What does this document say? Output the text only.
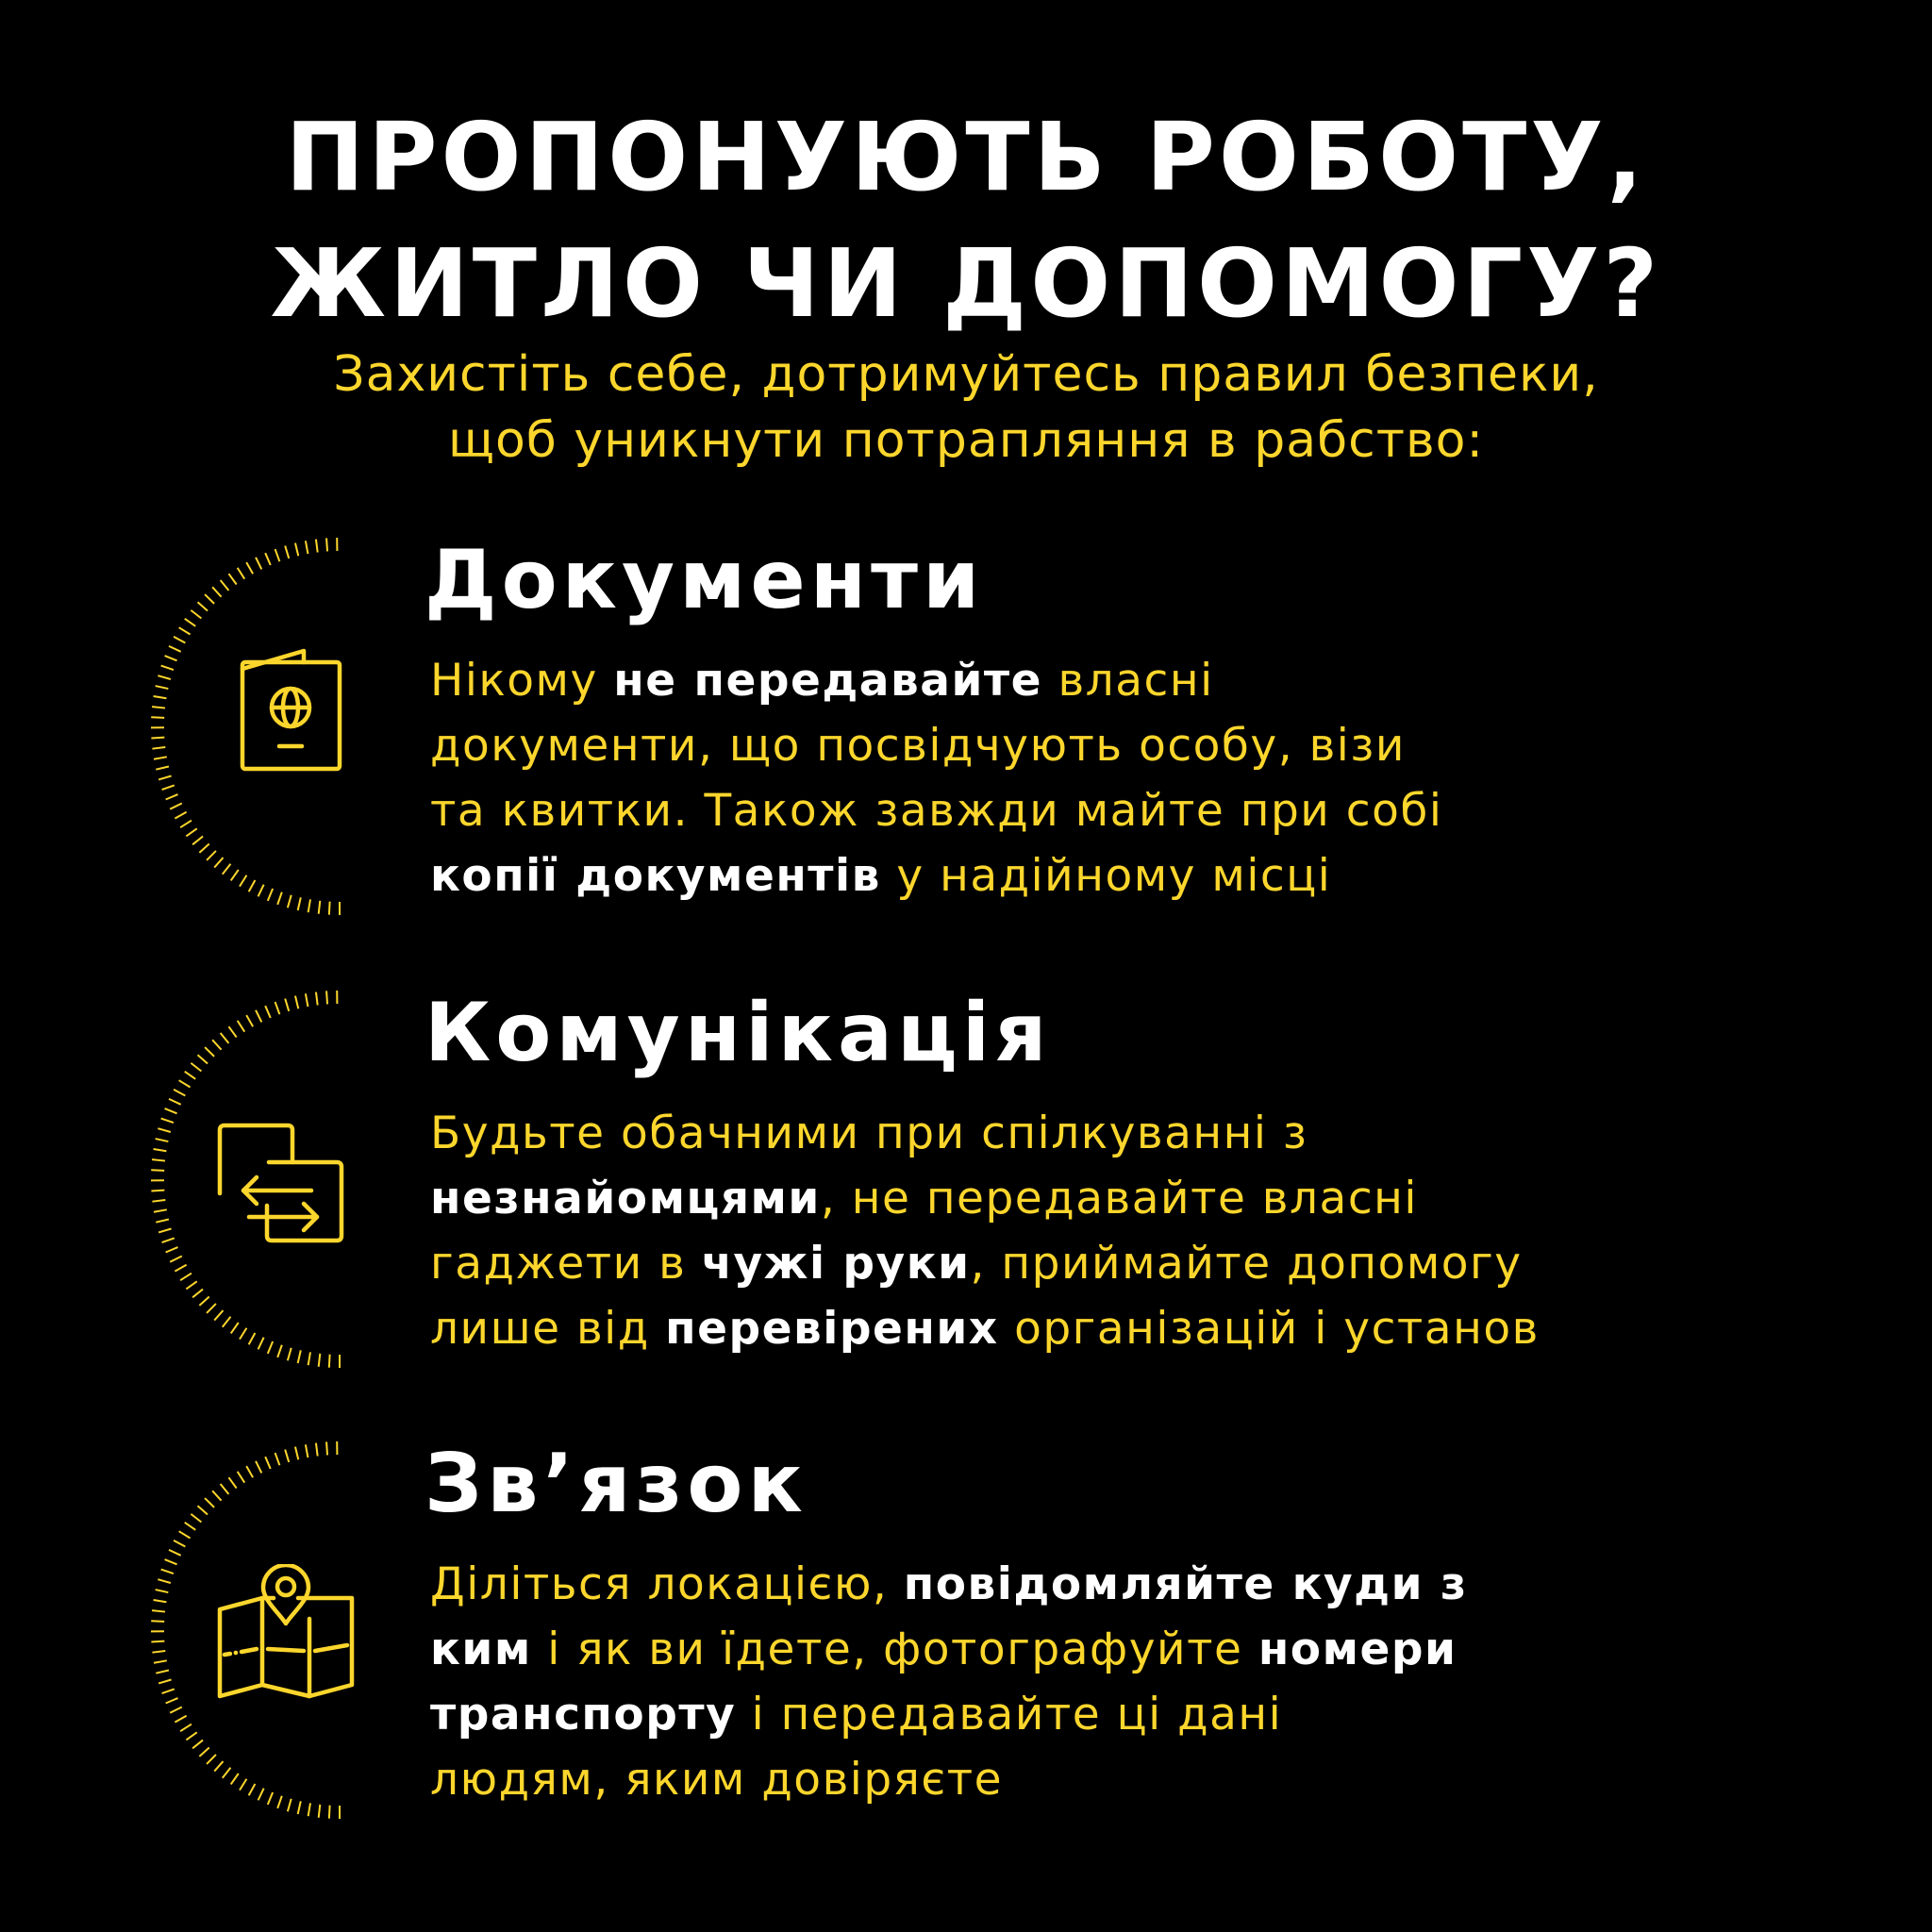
ПРОПОНУЮТЬ РОБОТУ,
ЖИТЛО ЧИ ДОПОМОГУ?
Захистіть себе, дотримуйтесь правил безпеки,
щоб уникнути потрапляння в рабство:
Документи
Нікому не передавайте власні
документи, що посвідчують особу, візи
та квитки. Також завжди майте при собі
копії документів у надійному місці
Комунікація
Будьте обачними при спілкуванні з
незнайомцями, не передавайте власні
гаджети в чужі руки, приймайте допомогу
лише від перевірених організацій і установ
Зв’язок
Діліться локацією, повідомляйте куди з
ким і як ви їдете, фотографуйте номери
транспорту і передавайте ці дані
людям, яким довіряєте
